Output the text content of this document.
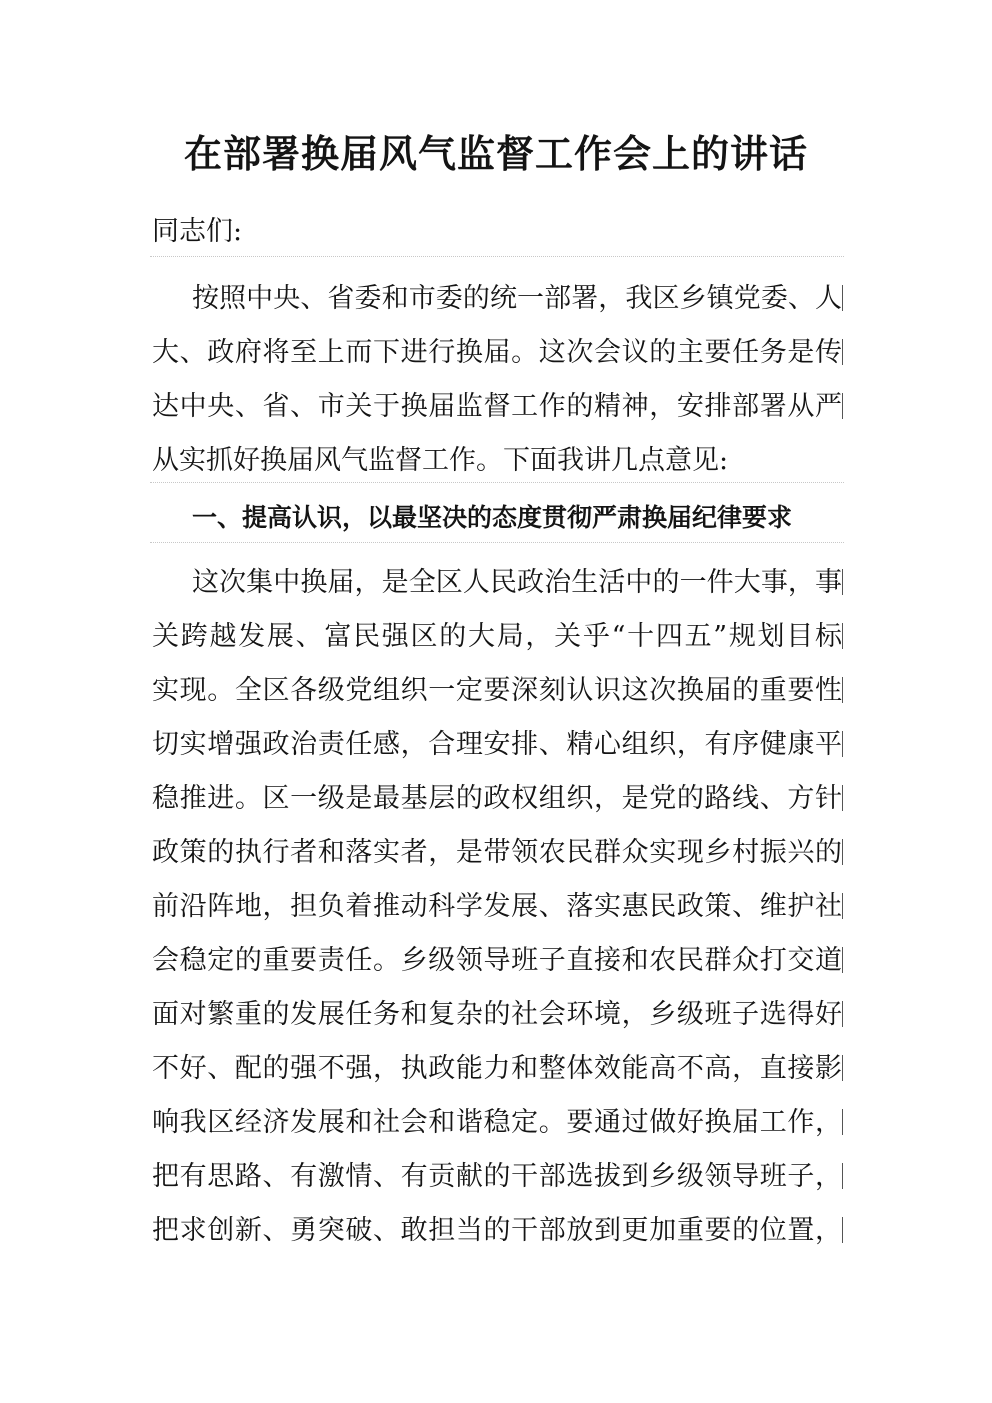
在部署换届风气监督工作会上的讲话

同志们:

按照中央、省委和市委的统一部署，我区乡镇党委、人
大、政府将至上而下进行换届。这次会议的主要任务是传
达中央、省、市关于换届监督工作的精神，安排部署从严
从实抓好换届风气监督工作。下面我讲几点意见:
一、提高认识，以最坚决的态度贯彻严肃换届纪律要求
这次集中换届，是全区人民政治生活中的一件大事，事
关跨越发展、富民强区的大局，关乎“十四五”规划目标
实现。全区各级党组织一定要深刻认识这次换届的重要性
切实增强政治责任感，合理安排、精心组织，有序健康平
稳推进。区一级是最基层的政权组织，是党的路线、方针
政策的执行者和落实者，是带领农民群众实现乡村振兴的
前沿阵地，担负着推动科学发展、落实惠民政策、维护社
会稳定的重要责任。乡级领导班子直接和农民群众打交道
面对繁重的发展任务和复杂的社会环境，乡级班子选得好
不好、配的强不强，执政能力和整体效能高不高，直接影
响我区经济发展和社会和谐稳定。要通过做好换届工作，
把有思路、有激情、有贡献的干部选拔到乡级领导班子，
把求创新、勇突破、敢担当的干部放到更加重要的位置，
